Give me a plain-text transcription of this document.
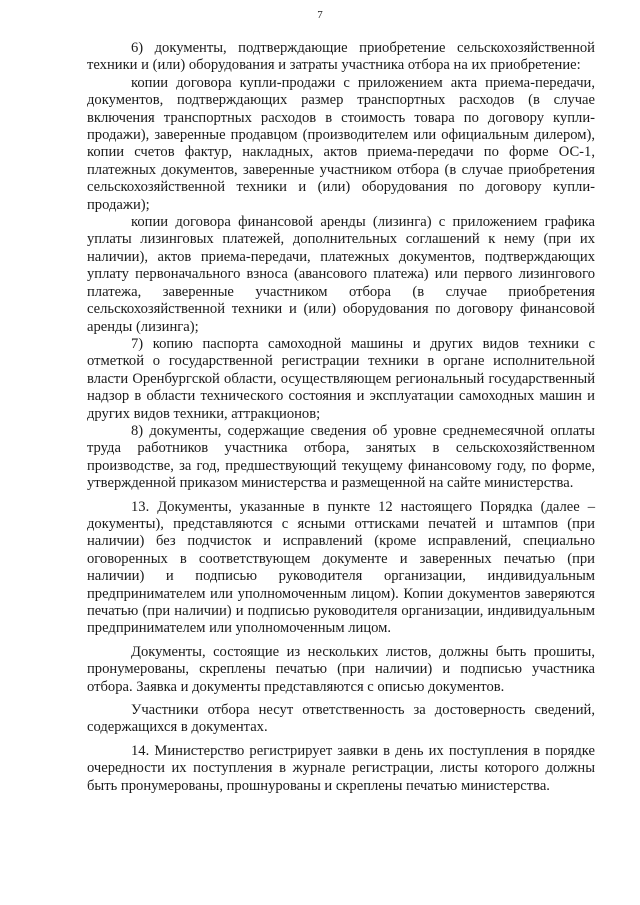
7

6) документы, подтверждающие приобретение сельскохозяйственной техники и (или) оборудования и затраты участника отбора на их приобретение:

копии договора купли-продажи с приложением акта приема-передачи, документов, подтверждающих размер транспортных расходов (в случае включения транспортных расходов в стоимость товара по договору купли-продажи), заверенные продавцом (производителем или официальным дилером), копии счетов фактур, накладных, актов приема-передачи по форме ОС-1, платежных документов, заверенные участником отбора (в случае приобретения сельскохозяйственной техники и (или) оборудования по договору купли-продажи);

копии договора финансовой аренды (лизинга) с приложением графика уплаты лизинговых платежей, дополнительных соглашений к нему (при их наличии), актов приема-передачи, платежных документов, подтверждающих уплату первоначального взноса (авансового платежа) или первого лизингового платежа, заверенные участником отбора (в случае приобретения сельскохозяйственной техники и (или) оборудования по договору финансовой аренды (лизинга);

7) копию паспорта самоходной машины и других видов техники с отметкой о государственной регистрации техники в органе исполнительной власти Оренбургской области, осуществляющем региональный государственный надзор в области технического состояния и эксплуатации самоходных машин и других видов техники, аттракционов;

8) документы, содержащие сведения об уровне среднемесячной оплаты труда работников участника отбора, занятых в сельскохозяйственном производстве, за год, предшествующий текущему финансовому году, по форме, утвержденной приказом министерства и размещенной на сайте министерства.

13. Документы, указанные в пункте 12 настоящего Порядка (далее – документы), представляются с ясными оттисками печатей и штампов (при наличии) без подчисток и исправлений (кроме исправлений, специально оговоренных в соответствующем документе и заверенных печатью (при наличии) и подписью руководителя организации, индивидуальным предпринимателем или уполномоченным лицом). Копии документов заверяются печатью (при наличии) и подписью руководителя организации, индивидуальным предпринимателем или уполномоченным лицом.

Документы, состоящие из нескольких листов, должны быть прошиты, пронумерованы, скреплены печатью (при наличии) и подписью участника отбора. Заявка и документы представляются с описью документов.

Участники отбора несут ответственность за достоверность сведений, содержащихся в документах.

14. Министерство регистрирует заявки в день их поступления в порядке очередности их поступления в журнале регистрации, листы которого должны быть пронумерованы, прошнурованы и скреплены печатью министерства.
